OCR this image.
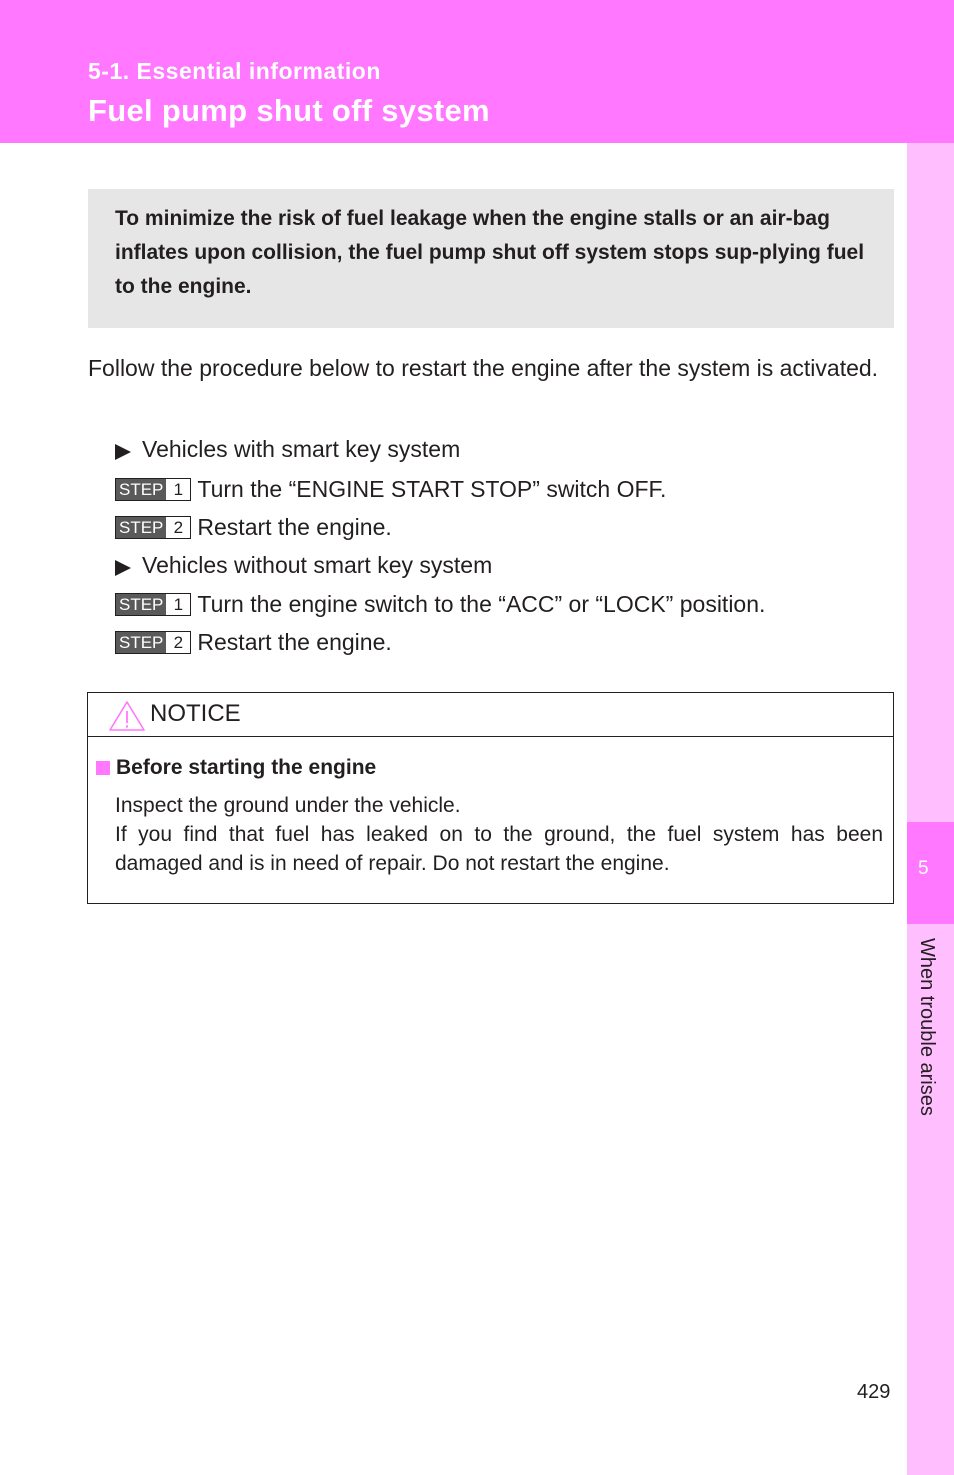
5-1. Essential information
Fuel pump shut off system
5
When trouble arises

To minimize the risk of fuel leakage when the engine stalls or an air-bag inflates upon collision, the fuel pump shut off system stops sup-plying fuel to the engine.

Follow the procedure below to restart the engine after the system is activated.

Vehicles with smart key system
STEP 1 Turn the “ENGINE START STOP” switch OFF.
STEP 2 Restart the engine.
Vehicles without smart key system
STEP 1 Turn the engine switch to the “ACC” or “LOCK” position.
STEP 2 Restart the engine.
NOTICE
Before starting the engine

Inspect the ground under the vehicle.

If you find that fuel has leaked on to the ground, the fuel system has been damaged and is in need of repair. Do not restart the engine.

429
